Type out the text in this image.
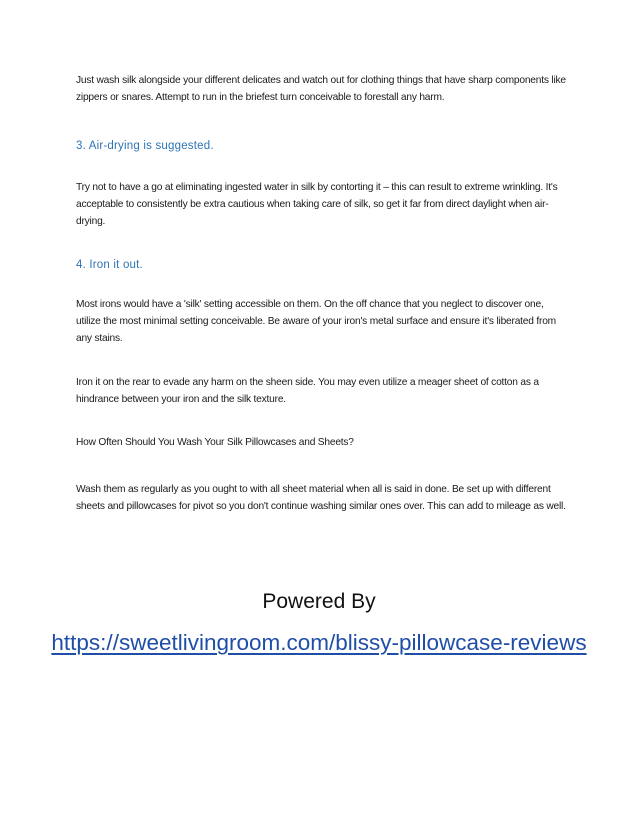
Just wash silk alongside your different delicates and watch out for clothing things that have sharp components like zippers or snares. Attempt to run in the briefest turn conceivable to forestall any harm.

3. Air-drying is suggested.

Try not to have a go at eliminating ingested water in silk by contorting it – this can result to extreme wrinkling. It's acceptable to consistently be extra cautious when taking care of silk, so get it far from direct daylight when air-drying.

4. Iron it out.

Most irons would have a 'silk' setting accessible on them. On the off chance that you neglect to discover one, utilize the most minimal setting conceivable. Be aware of your iron's metal surface and ensure it's liberated from any stains.

Iron it on the rear to evade any harm on the sheen side. You may even utilize a meager sheet of cotton as a hindrance between your iron and the silk texture.

How Often Should You Wash Your Silk Pillowcases and Sheets?

Wash them as regularly as you ought to with all sheet material when all is said in done. Be set up with different sheets and pillowcases for pivot so you don't continue washing similar ones over. This can add to mileage as well.

Powered By

https://sweetlivingroom.com/blissy-pillowcase-reviews
